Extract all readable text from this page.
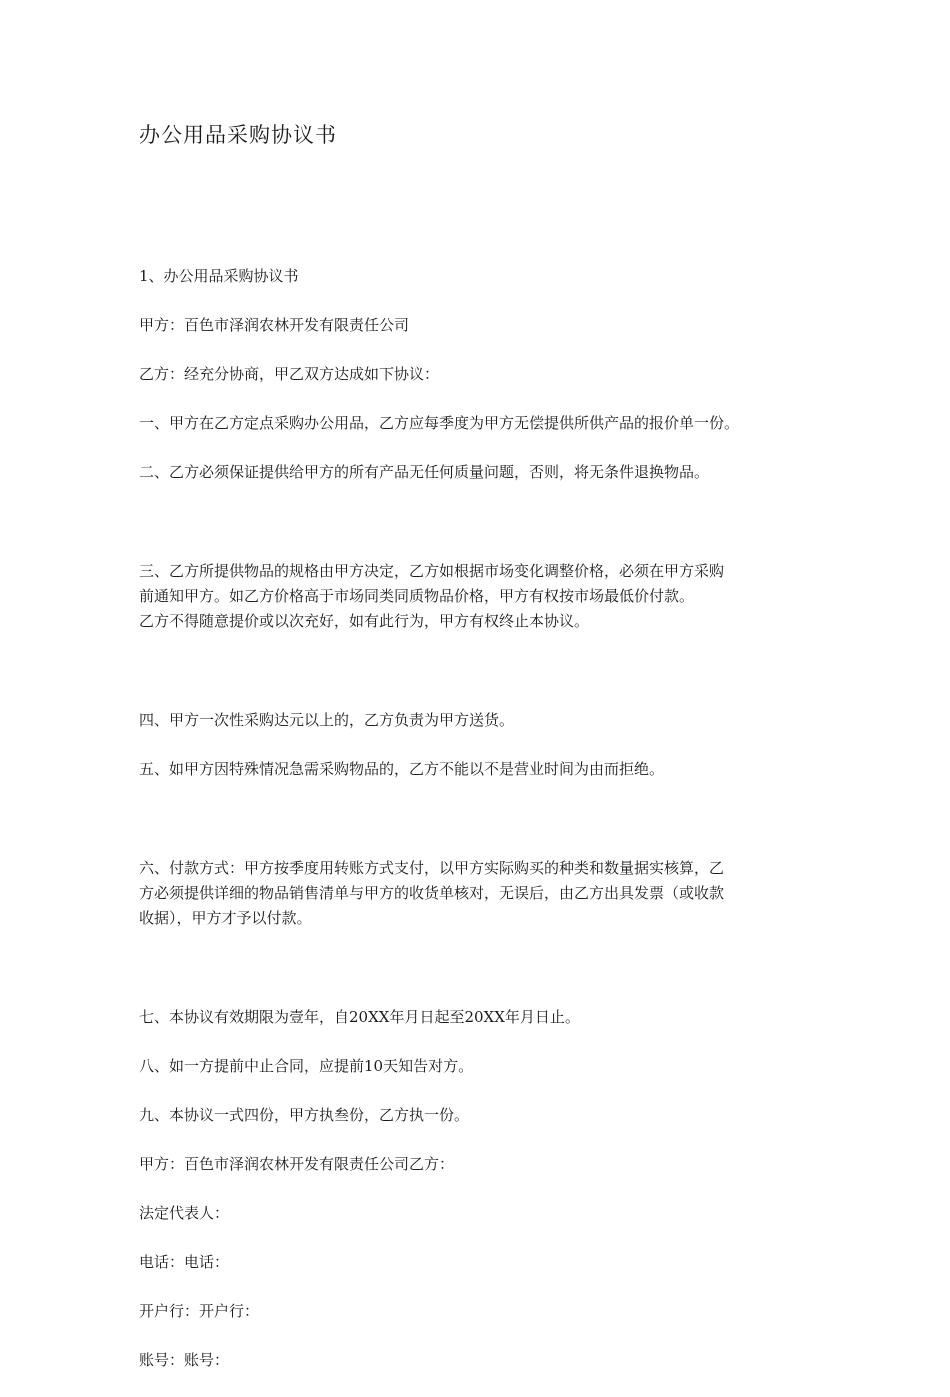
办公用品采购协议书

1、办公用品采购协议书

甲方：百色市泽润农林开发有限责任公司

乙方：经充分协商，甲乙双方达成如下协议：

一、甲方在乙方定点采购办公用品，乙方应每季度为甲方无偿提供所供产品的报价单一份。

二、乙方必须保证提供给甲方的所有产品无任何质量问题，否则，将无条件退换物品。

三、乙方所提供物品的规格由甲方决定，乙方如根据市场变化调整价格，必须在甲方采购
前通知甲方。如乙方价格高于市场同类同质物品价格，甲方有权按市场最低价付款。
乙方不得随意提价或以次充好，如有此行为，甲方有权终止本协议。

四、甲方一次性采购达元以上的，乙方负责为甲方送货。

五、如甲方因特殊情况急需采购物品的，乙方不能以不是营业时间为由而拒绝。

六、付款方式：甲方按季度用转账方式支付，以甲方实际购买的种类和数量据实核算，乙
方必须提供详细的物品销售清单与甲方的收货单核对，无误后，由乙方出具发票（或收款
收据），甲方才予以付款。

七、本协议有效期限为壹年，自20XX年月日起至20XX年月日止。

八、如一方提前中止合同，应提前10天知告对方。

九、本协议一式四份，甲方执叁份，乙方执一份。

甲方：百色市泽润农林开发有限责任公司乙方：

法定代表人：

电话：电话：

开户行：开户行：

账号：账号：
